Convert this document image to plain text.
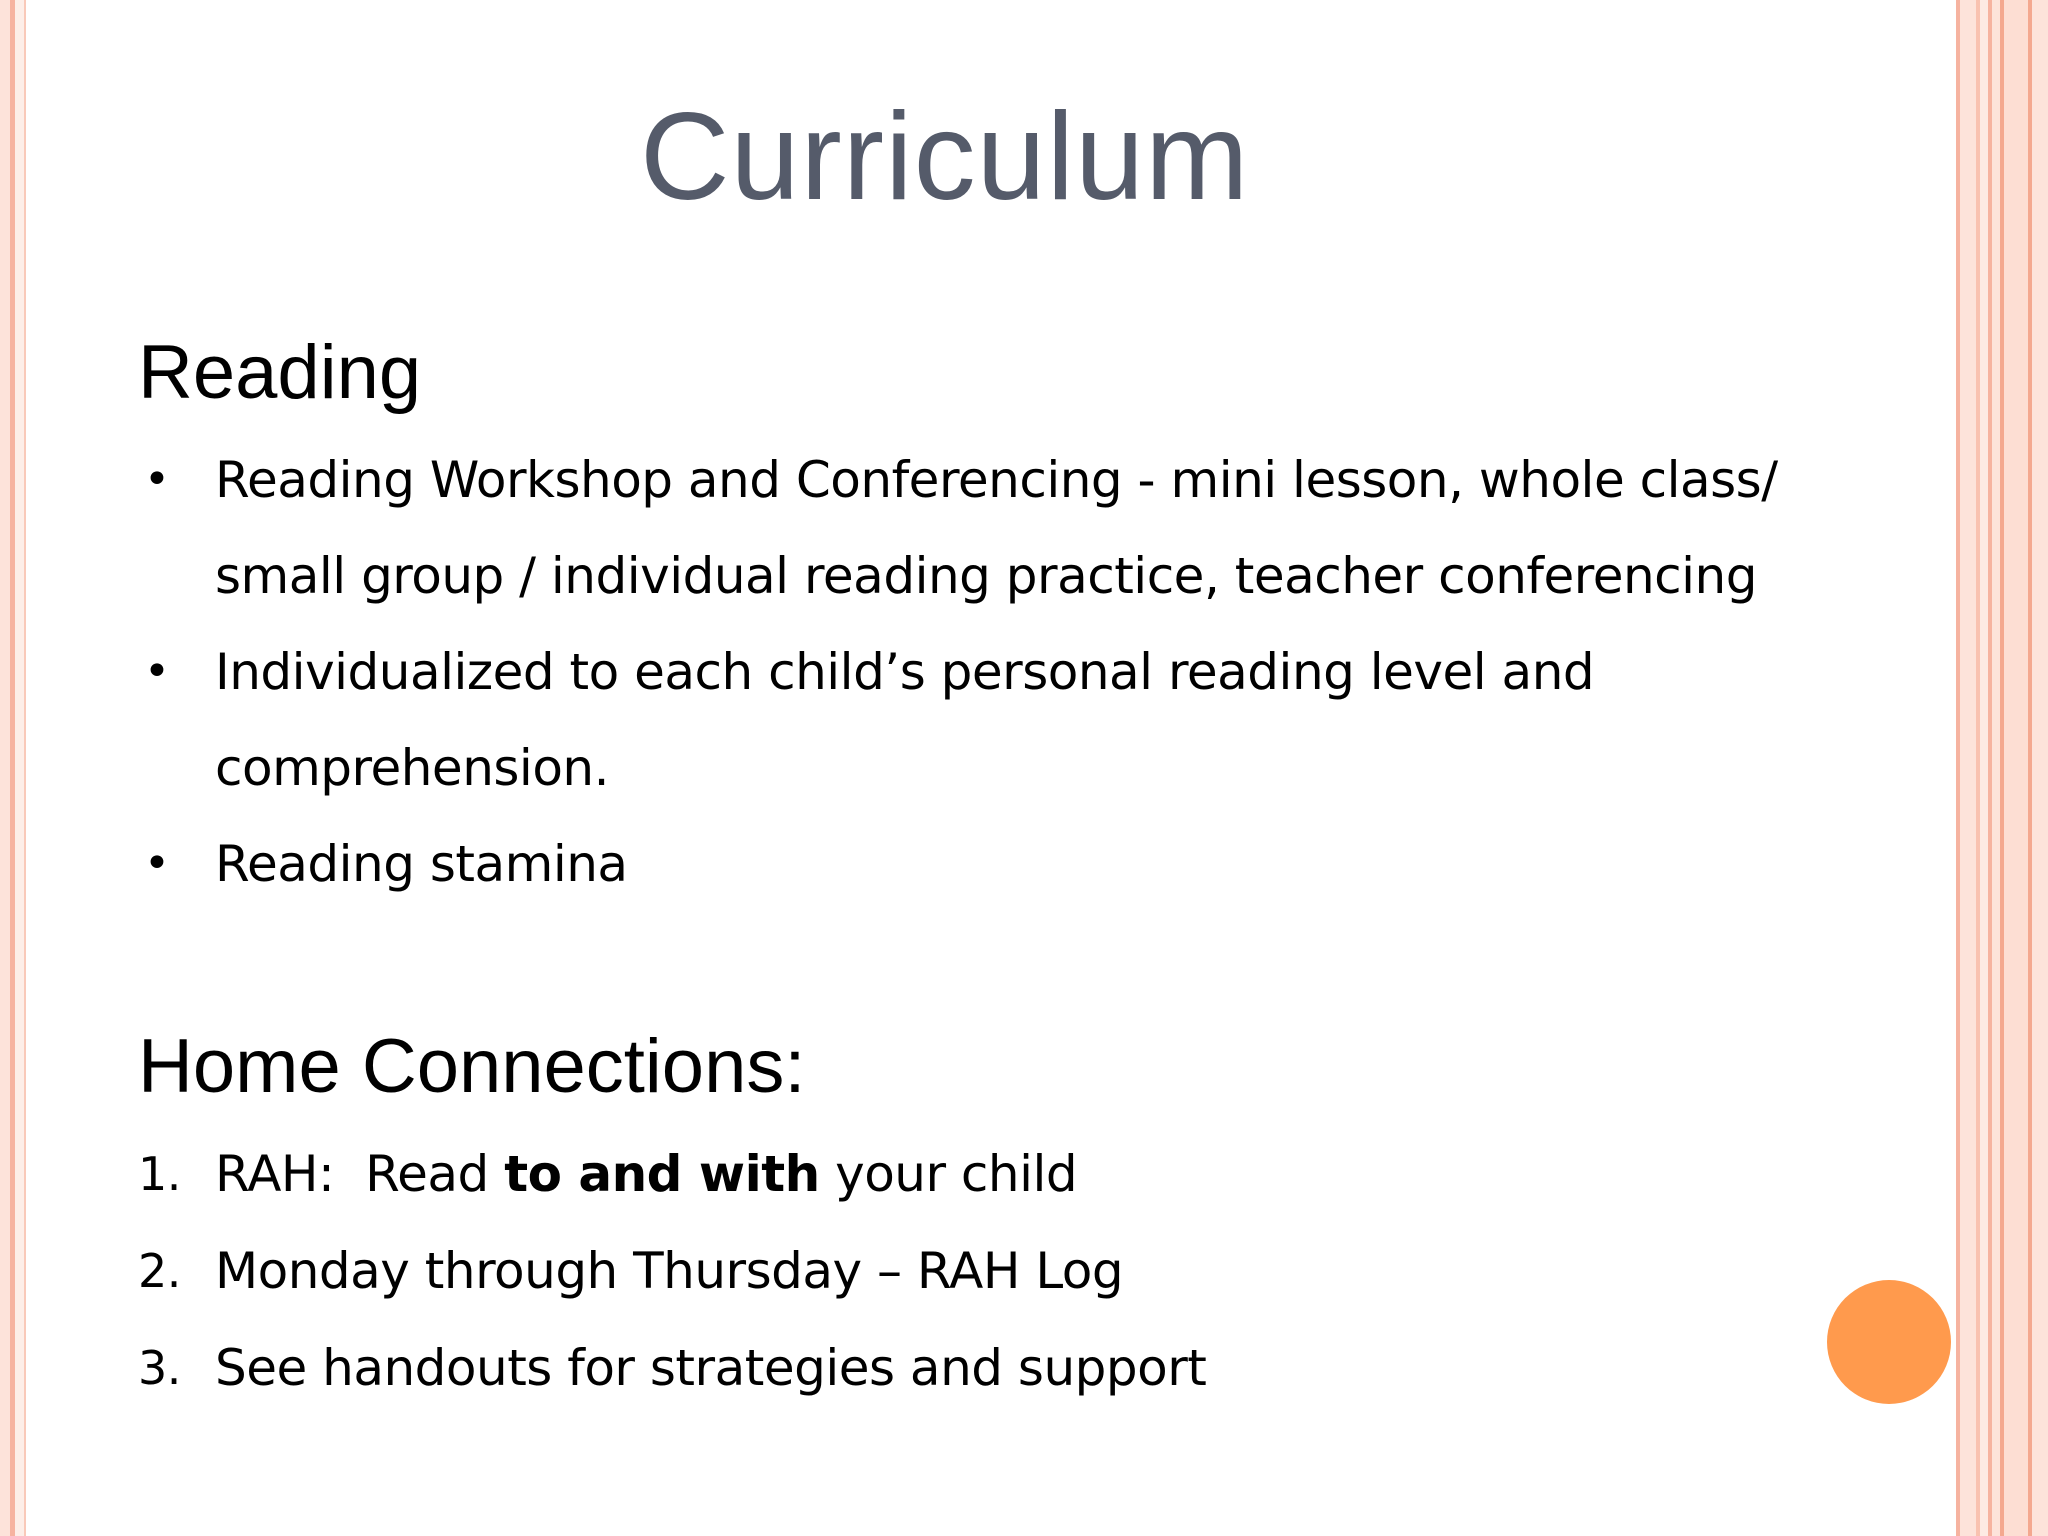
Curriculum
Reading
• Reading Workshop and Conferencing - mini lesson, whole class/ small group / individual reading practice, teacher conferencing
• Individualized to each child’s personal reading level and comprehension.
• Reading stamina
Home Connections:
1. RAH:  Read to and with your child
2. Monday through Thursday – RAH Log
3. See handouts for strategies and support
